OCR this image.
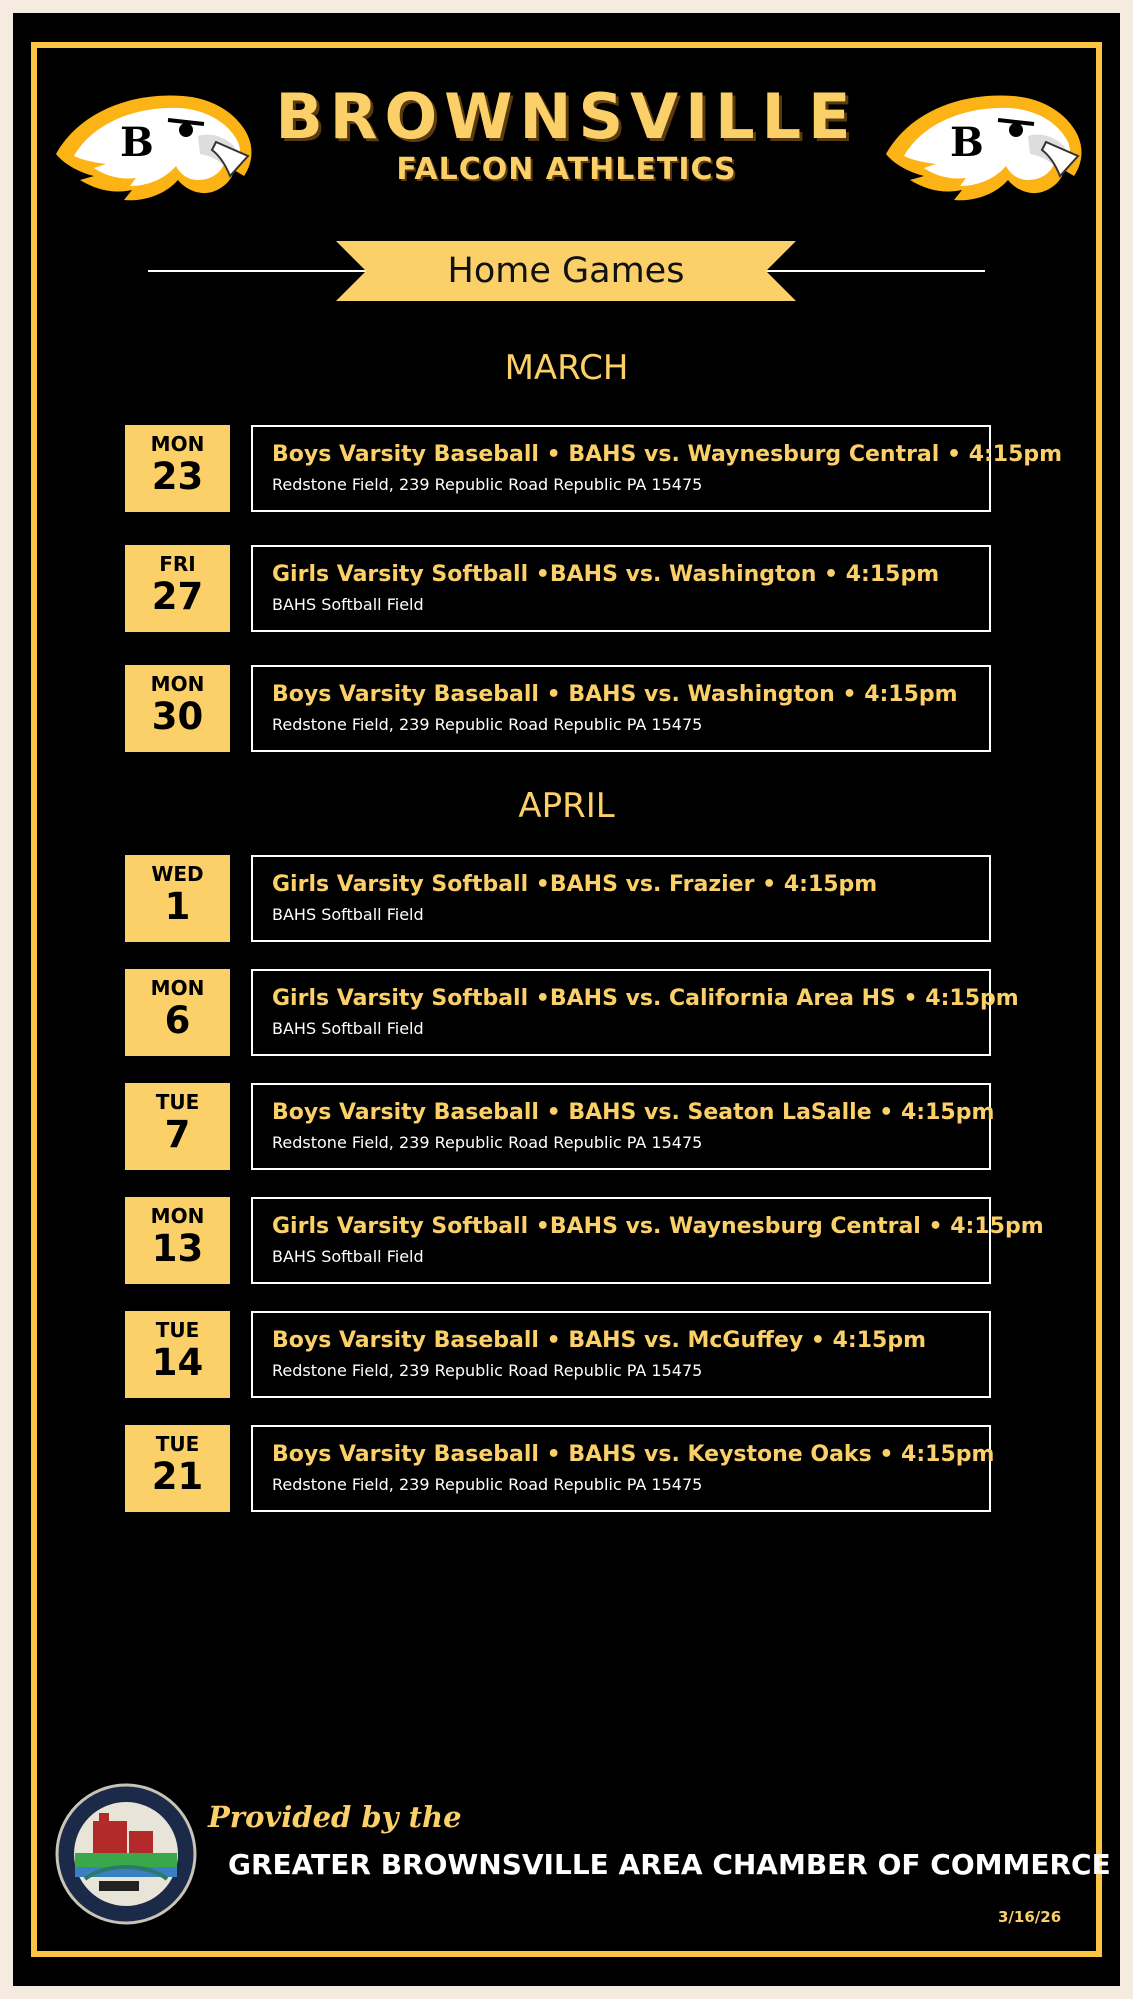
B	B
BROWNSVILLE
FALCON ATHLETICS
Home Games
MARCH
APRIL
MON
23
Boys Varsity Baseball • BAHS vs. Waynesburg Central • 4:15pm
Redstone Field, 239 Republic Road Republic PA 15475
FRI
27
Girls Varsity Softball •BAHS vs. Washington • 4:15pm
BAHS Softball Field
MON
30
Boys Varsity Baseball • BAHS vs. Washington • 4:15pm
Redstone Field, 239 Republic Road Republic PA 15475
WED
1
Girls Varsity Softball •BAHS vs. Frazier • 4:15pm
BAHS Softball Field
MON
6
Girls Varsity Softball •BAHS vs. California Area HS • 4:15pm
BAHS Softball Field
TUE
7
Boys Varsity Baseball • BAHS vs. Seaton LaSalle • 4:15pm
Redstone Field, 239 Republic Road Republic PA 15475
MON
13
Girls Varsity Softball •BAHS vs. Waynesburg Central • 4:15pm
BAHS Softball Field
TUE
14
Boys Varsity Baseball • BAHS vs. McGuffey • 4:15pm
Redstone Field, 239 Republic Road Republic PA 15475
TUE
21
Boys Varsity Baseball • BAHS vs. Keystone Oaks • 4:15pm
Redstone Field, 239 Republic Road Republic PA 15475
Provided by the
GREATER BROWNSVILLE AREA CHAMBER OF COMMERCE
3/16/26
